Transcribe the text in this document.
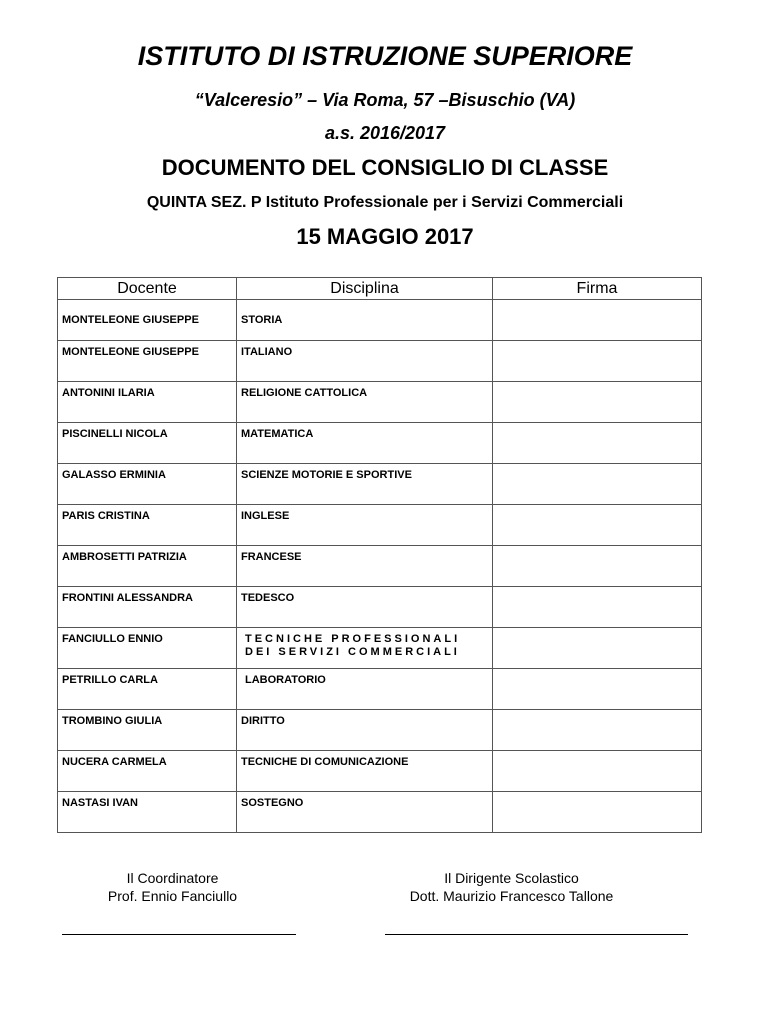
ISTITUTO DI ISTRUZIONE SUPERIORE
“Valceresio” – Via Roma, 57 –Bisuschio (VA)
a.s. 2016/2017
DOCUMENTO DEL CONSIGLIO DI CLASSE
QUINTA SEZ. P Istituto Professionale per i Servizi Commerciali
15 MAGGIO 2017
Docente	Disciplina	Firma
MONTELEONE GIUSEPPE	STORIA	
MONTELEONE GIUSEPPE	ITALIANO	
ANTONINI ILARIA	RELIGIONE CATTOLICA	
PISCINELLI NICOLA	MATEMATICA	
GALASSO ERMINIA	SCIENZE MOTORIE E SPORTIVE	
PARIS CRISTINA	INGLESE	
AMBROSETTI PATRIZIA	FRANCESE	
FRONTINI ALESSANDRA	TEDESCO	
FANCIULLO ENNIO	TECNICHE PROFESSIONALI DEI SERVIZI COMMERCIALI	
PETRILLO CARLA	LABORATORIO	
TROMBINO GIULIA	DIRITTO	
NUCERA CARMELA	TECNICHE DI COMUNICAZIONE	
NASTASI IVAN	SOSTEGNO	
Il Coordinatore
Prof. Ennio Fanciullo
Il Dirigente Scolastico
Dott. Maurizio Francesco Tallone
